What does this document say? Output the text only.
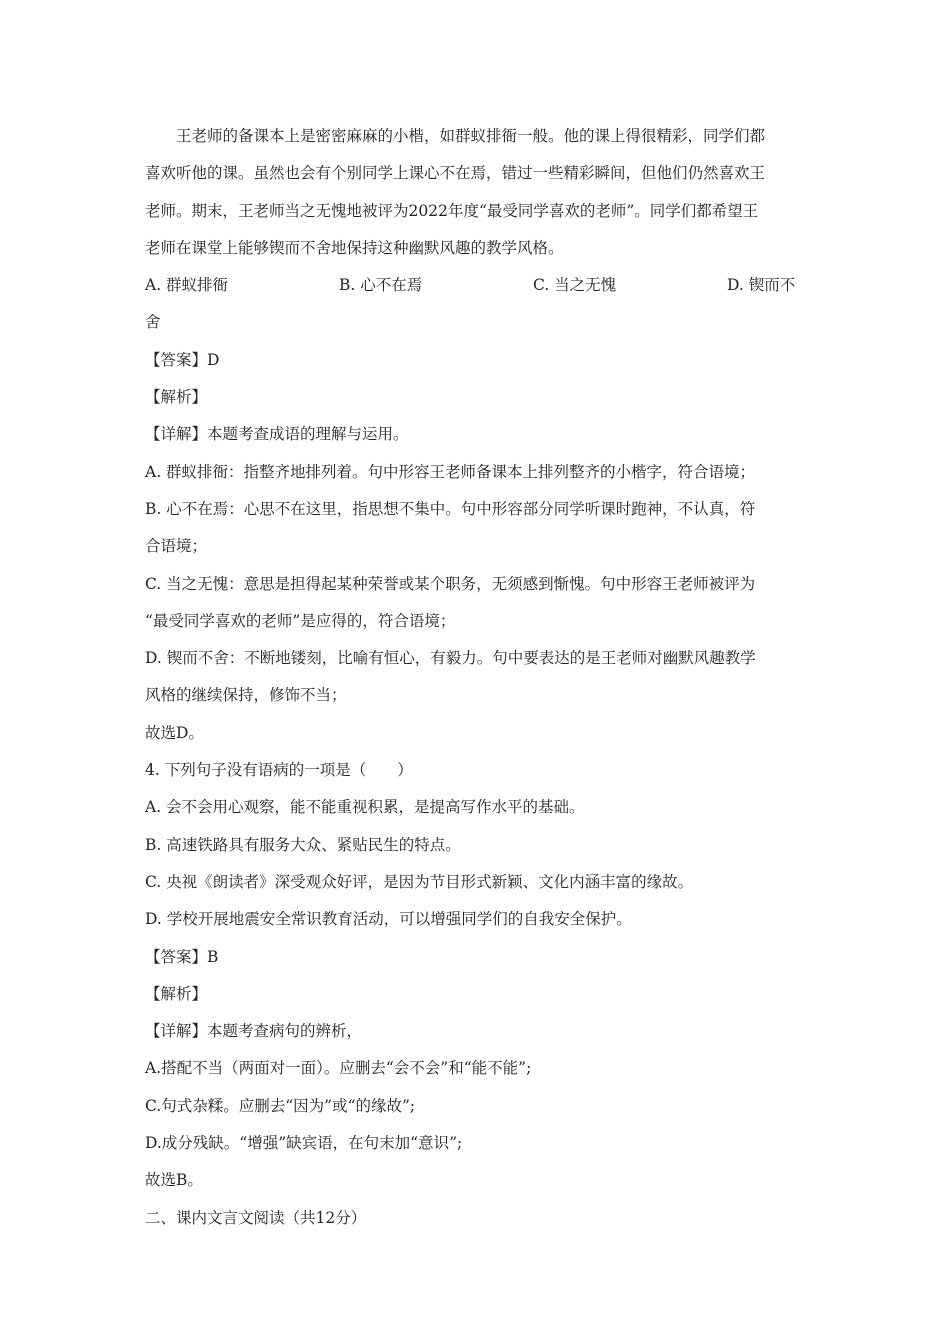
王老师的备课本上是密密麻麻的小楷，如群蚁排衙一般。他的课上得很精彩，同学们都
喜欢听他的课。虽然也会有个别同学上课心不在焉，错过一些精彩瞬间，但他们仍然喜欢王
老师。期末，王老师当之无愧地被评为2022年度“最受同学喜欢的老师”。同学们都希望王
老师在课堂上能够锲而不舍地保持这种幽默风趣的教学风格。
A. 群蚁排衙	B. 心不在焉	C. 当之无愧	D. 锲而不
舍
【答案】D
【解析】
【详解】本题考查成语的理解与运用。
A. 群蚁排衙：指整齐地排列着。句中形容王老师备课本上排列整齐的小楷字，符合语境；
B. 心不在焉：心思不在这里，指思想不集中。句中形容部分同学听课时跑神，不认真，符
合语境；
C. 当之无愧：意思是担得起某种荣誉或某个职务，无须感到惭愧。句中形容王老师被评为
“最受同学喜欢的老师”是应得的，符合语境；
D. 锲而不舍：不断地镂刻，比喻有恒心，有毅力。句中要表达的是王老师对幽默风趣教学
风格的继续保持，修饰不当；
故选D。
4. 下列句子没有语病的一项是（　　）
A. 会不会用心观察，能不能重视积累，是提高写作水平的基础。
B. 高速铁路具有服务大众、紧贴民生的特点。
C. 央视《朗读者》深受观众好评，是因为节目形式新颖、文化内涵丰富的缘故。
D. 学校开展地震安全常识教育活动，可以增强同学们的自我安全保护。
【答案】B
【解析】
【详解】本题考查病句的辨析，
A.搭配不当（两面对一面）。应删去“会不会”和“能不能”;
C.句式杂糅。应删去“因为”或“的缘故”;
D.成分残缺。“增强”缺宾语，在句末加“意识”;
故选B。
二、课内文言文阅读（共12分）
